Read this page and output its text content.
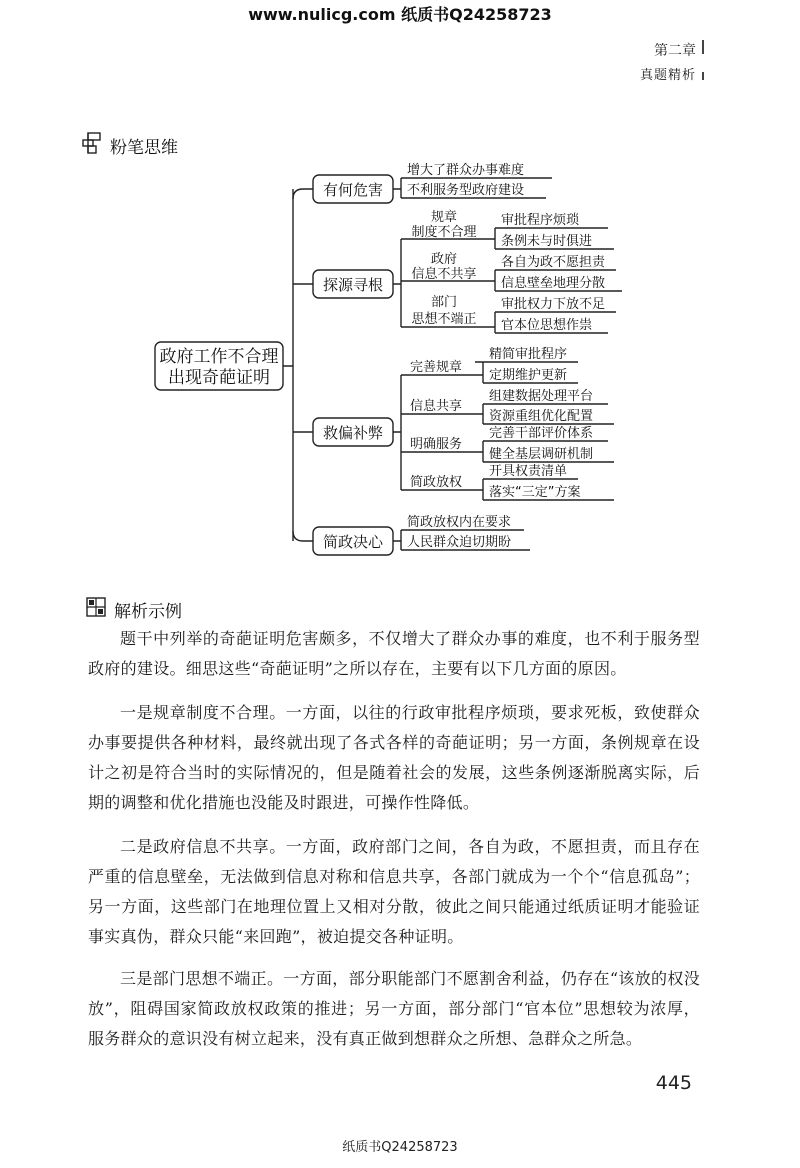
www.nulicg.com 纸质书Q24258723
第二章
真题精析
粉笔思维
政府工作不合理
出现奇葩证明
有何危害
探源寻根
救偏补弊
简政决心
增大了群众办事难度
不利服务型政府建设
规章
制度不合理
政府
信息不共享
部门
思想不端正
审批程序烦琐
条例未与时俱进
各自为政不愿担责
信息壁垒地理分散
审批权力下放不足
官本位思想作祟
完善规章
信息共享
明确服务
简政放权
精简审批程序
定期维护更新
组建数据处理平台
资源重组优化配置
完善干部评价体系
健全基层调研机制
开具权责清单
落实“三定”方案
简政放权内在要求
人民群众迫切期盼
解析示例

题干中列举的奇葩证明危害颇多，不仅增大了群众办事的难度，也不利于服务型政府的建设。细思这些“奇葩证明”之所以存在，主要有以下几方面的原因。

一是规章制度不合理。一方面，以往的行政审批程序烦琐，要求死板，致使群众办事要提供各种材料，最终就出现了各式各样的奇葩证明；另一方面，条例规章在设计之初是符合当时的实际情况的，但是随着社会的发展，这些条例逐渐脱离实际，后期的调整和优化措施也没能及时跟进，可操作性降低。

二是政府信息不共享。一方面，政府部门之间，各自为政，不愿担责，而且存在严重的信息壁垒，无法做到信息对称和信息共享，各部门就成为一个个“信息孤岛”；另一方面，这些部门在地理位置上又相对分散，彼此之间只能通过纸质证明才能验证事实真伪，群众只能“来回跑”，被迫提交各种证明。

三是部门思想不端正。一方面，部分职能部门不愿割舍利益，仍存在“该放的权没放”，阻碍国家简政放权政策的推进；另一方面，部分部门“官本位”思想较为浓厚，服务群众的意识没有树立起来，没有真正做到想群众之所想、急群众之所急。

445
纸质书Q24258723
